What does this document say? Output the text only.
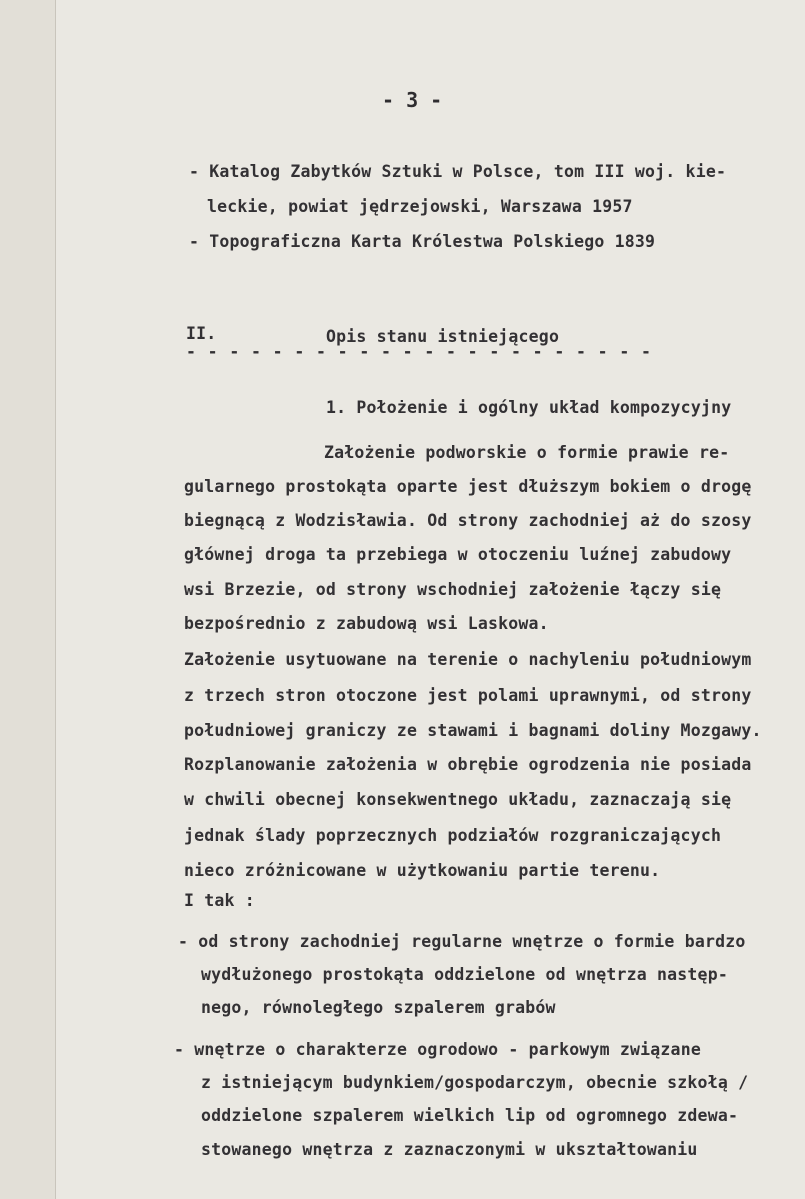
- 3 -
- Katalog Zabytków Sztuki w Polsce, tom III woj. kie-
leckie, powiat jędrzejowski, Warszawa 1957
- Topograficzna Karta Królestwa Polskiego 1839
II.	Opis stanu istniejącego
- - - - - - - - - - - - - - - - - - - - - -
1. Położenie i ogólny układ kompozycyjny
Założenie podworskie o formie prawie re-
gularnego prostokąta oparte jest dłuższym bokiem o drogę
biegnącą z Wodzisławia. Od strony zachodniej aż do szosy
głównej droga ta przebiega w otoczeniu luźnej zabudowy
wsi Brzezie, od strony wschodniej założenie łączy się
bezpośrednio z zabudową wsi Laskowa.
Założenie usytuowane na terenie o nachyleniu południowym
z trzech stron otoczone jest polami uprawnymi, od strony
południowej graniczy ze stawami i bagnami doliny Mozgawy.
Rozplanowanie założenia w obrębie ogrodzenia nie posiada
w chwili obecnej konsekwentnego układu, zaznaczają się
jednak ślady poprzecznych podziałów rozgraniczających
nieco zróżnicowane w użytkowaniu partie terenu.
I tak :
- od strony zachodniej regularne wnętrze o formie bardzo
wydłużonego prostokąta oddzielone od wnętrza następ-
nego, równoległego szpalerem grabów
- wnętrze o charakterze ogrodowo - parkowym związane
z istniejącym budynkiem/gospodarczym, obecnie szkołą /
oddzielone szpalerem wielkich lip od ogromnego zdewa-
stowanego wnętrza z zaznaczonymi w ukształtowaniu
